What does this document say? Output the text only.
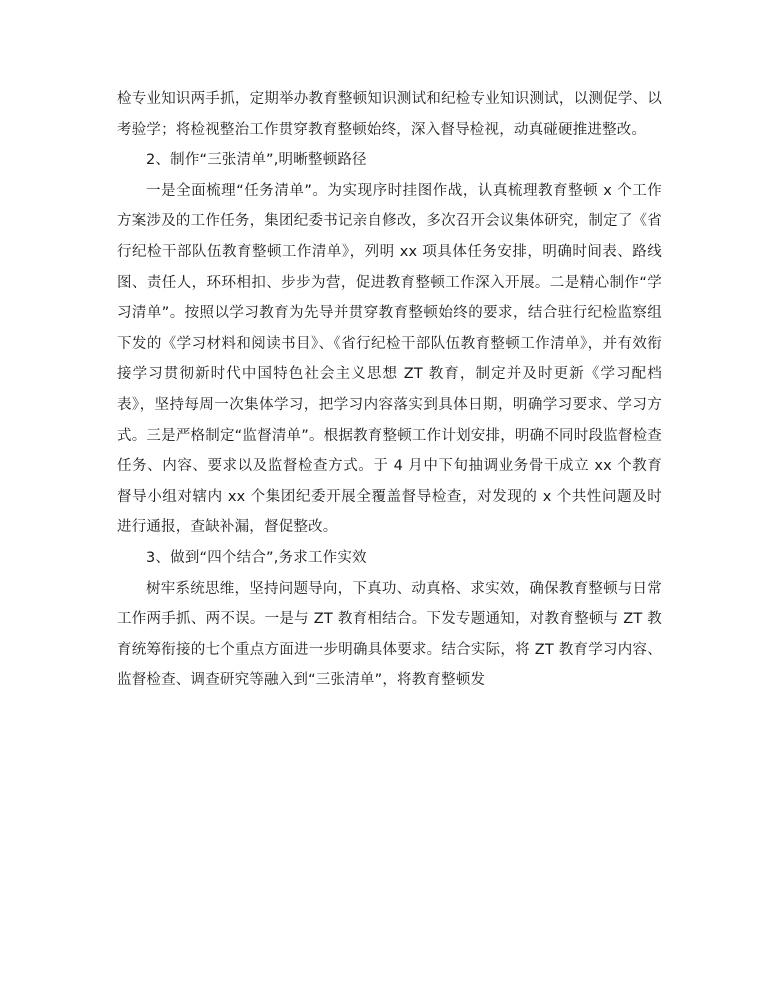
检专业知识两手抓，定期举办教育整顿知识测试和纪检专业知识测试，以测促学、以考验学；将检视整治工作贯穿教育整顿始终，深入督导检视，动真碰硬推进整改。

2、制作“三张清单”,明晰整顿路径

一是全面梳理“任务清单”。为实现序时挂图作战，认真梳理教育整顿 x 个工作方案涉及的工作任务，集团纪委书记亲自修改，多次召开会议集体研究，制定了《省行纪检干部队伍教育整顿工作清单》，列明 xx 项具体任务安排，明确时间表、路线图、责任人，环环相扣、步步为营，促进教育整顿工作深入开展。二是精心制作“学习清单”。按照以学习教育为先导并贯穿教育整顿始终的要求，结合驻行纪检监察组下发的《学习材料和阅读书目》、《省行纪检干部队伍教育整顿工作清单》，并有效衔接学习贯彻新时代中国特色社会主义思想 ZT 教育，制定并及时更新《学习配档表》，坚持每周一次集体学习，把学习内容落实到具体日期，明确学习要求、学习方式。三是严格制定“监督清单”。根据教育整顿工作计划安排，明确不同时段监督检查任务、内容、要求以及监督检查方式。于 4 月中下旬抽调业务骨干成立 xx 个教育督导小组对辖内 xx 个集团纪委开展全覆盖督导检查，对发现的 x 个共性问题及时进行通报，查缺补漏，督促整改。

3、做到“四个结合”,务求工作实效

树牢系统思维，坚持问题导向，下真功、动真格、求实效，确保教育整顿与日常工作两手抓、两不误。一是与 ZT 教育相结合。下发专题通知，对教育整顿与 ZT 教育统筹衔接的七个重点方面进一步明确具体要求。结合实际，将 ZT 教育学习内容、监督检查、调查研究等融入到“三张清单”，将教育整顿发
